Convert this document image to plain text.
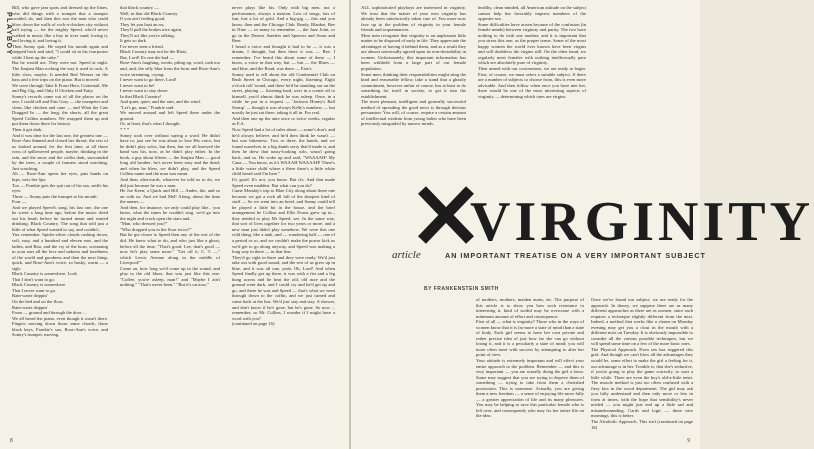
PLAYBOY

Bill, who gave jam spots and dressed up the blues, who did things with a trumpet that a trumper couldn't do, and then this was the man who could blow down the walls of rock-a-chicken city without half trying — for the mighty Speed, who'd never walked in music like a boy in river sand, loving it, and loving it, and loving it.

Then Sonny quit. He wiped his mouth again and stepped back and said, "I could sit in his fourposter while I beat up the cake."

But he would not. They were not. Speed at night. The Jimjam Man rocking the way it used to rock. A little slow, maybe. It needed Red Weezer on the bass and a few trips on the piano. But it moved.

We were through Take It From Here, Cottontail, Me and Big Gig, and Only If Chicken and Fatty.

Sonny's records came out of all the places on the one; I could tell and Fats Gray — the trumpeter and clean, like chicken and cane — and What the Cats Dragged In — the long, the shorts, all the great Speed Collins numbers. We wrapped them up and put them down there for history.

Then it got dark.

And it was time for the last one, the greatest one — Rose-Ann thinned and closed her throat; the rest of us looked around, for the first time, at all those rows of spillowered people, maybe, thinking in the rain, and the snow and the coffin dark, surrounded by the trees, a couple of farmers stood watching. Just watching.

Ah — Rose-Ann opens her eyes, puts hands on hips, wets her lips:

Too — Frankie gets the spit out of his sax, sniffs his eyes:

Three — Sonny puts the trumpet to his mouth:

Four —

And we played Speed's song, his last one, the one he wrote a long time ago, before the music dried out his head; before he turned mean and started drinking; Black Country. The song that told just a little of what Speed wanted to say, and couldn't.

You remember. Spider-silver clouds rushing down, soft, easy, and a hundred and eleven ears, and the ladies, and Rita, and the cry of the horn, screaming in your ears all the love and sadness and loneliness of the world and goodness and then the next thing: quick, and Rose-Ann's voice, so husky, warm — a sigh:

Black Country is somewhere, Lord,

That I don't want to go.

Black Country is somewhere

That I never want to go.

Rain-water drippin'

On the bed and on the floor,

Rain-water drippin'

From — ground and through the door ...

We all heard the piano, even though it wasn't there. Fingers moving down those same chords, those black keys, Frankie's sax, Rose-Ann's voice, and Sonny's trumpet, moving.

that black country —

Well, in that old Black Country

If you ain't feeling good,

They let you bust an ax;

They'll pull the brakes nice again,

They'll act like you're talking,

It gets so dark

I've never seen a friend.

Black Country may not be the Blast,

But, Lord! It's one die bad —

Rose-Ann's laughing, words, piling up, word, rush too and, and, the silly blue from the horn and Rose-Ann's voice streaming, crying:

I never want to go there, Lord!

I never want to be!

I never want to stay down

In that Black Country!

And quiet, quiet, and the rain, and the wind.

"Let's go, man," Frankie said.

We moved around and left Speed there under the ground.

Or, at least, that's what I thought.

* * *

Sonny took over without saying a word. He didn't have to; just see he was about to lose His voice, but he didn't play solos, but then, but we all knowed the band was his, now, as he didn't play either. In the book, a guy about fifteen — the Jimjam Man — good long old brother, he's never been easy and the dead; and when he blew, we didn't play, and the Speed Collins name and the man was mean.

And then, afterwards, whatever he told us to do, we did just because he was a man.

He Joe Keen; a Quick and Bill — Andes, the, and so on with us. And we had Mel! Along, about the time the names —

And then, for instance, we only could play like... you know, what the times he couldn't sing, we'd go into the night and crack open the stars and...

"Man, who dressed you?"

"Who dropped you in the floor twice?"

But he got closer to Speed then any of the rest of the did. He knew what to do, and who just like a ghost, before all the time, "That's good, Lee, that's good — now let's play some more." "Get off it, C. T. —" which Lewis Avenue along in the middle of Liverpool!"

Come on, how long we'd come up in the sound, and play to the old blues, that was just like this one: "Coffee, you're asleep, man!" and "Maybe I ain't nothing." "That's never been." "But it's on now."

never plays like his. Only with big men, not a performance, always a tension. Lots of songs, lots of fun, lost a lot of gold. And a big-gig — this and you know, then and the Chicago Club. Ready, Blanket, Bee in Nine — so many to remember — the Jazz Joint, or go in the Denver Sanders and Spencer and Swan and Beer.

I heard a voice and thought it had to be — it was a dream, I thought, but then there it was — Bee. I remember. I've heard this about some of these — I know, a voice in that way, but — but — the Blues — and blue, and the Road, was there — Fate's.

Sonny used to tell about the old Continental Club on Rush Street in Chicago, every night, listening. Eight o'clock roll 'round, and there he'd be standing out on the street, playing — listening hard, over in a corner all to himself, you'd almost think he was asleep. Once, in a while he put in a request — 'Jackson Honey's Ball Stomp' — though it was always Kelly's numbers — but mostly he just sat there, taking it all in. For real.

And then one up the ante once or twice weeks, regular as F.A.

Now Speed had a lot of rules about — some's don't, and he'd always believe, and he'd then think he wasn't — but was bitterness. Two or three, the bands, and we found ourselves in a big dumb sorry that'd made it, and then he drew that nasty-looking solo, wasn't going back, and so. He woke up and said, "WAAAAH! My Cana — You know, as it's WAAAH WAAAAH! There's a little water child where a there there's a little white child heard said I'm here."

It's good. It's not, you know. But it's. And that made Speed even maddest. But what can you do?

Came Monday's trip to Blue City along about three one because we got a rock all full of the sharpest kind of stuff — So we went into an hotel, and Sonny could tell he played a little bit in the house, and the brief arrangement he Collins and Ellis Evans grew up in... they needed to play Mr Speed, see. In the same way, that sort of lives together for two years or more, and a new man just didn't play somehow. We were this one wild thing, like a tank, and — wandering half — one of a period or so, and we couldn't make the power kick as we'd get to go along anyway, and Speed was making a long way in there — in that line.

They'd go right in there and they were ready. We'd just take out with good sound, and the rest of us grew up in blue, and it was all one, yeah. Oh, Lord! And when Speed finally got up there, it was with a fist and a leg hung across and he beat the old, old note and the ground went dark, and I could cry and he'd get up and go, and there he was and Speed — that's what we went through down to the coffin, and we just turned and came back at the bus. We'd just stay and stay. A shower, and don't know if he's gone, but he's gone. So now ... remember, so Mr. Collins, I wonder if I might have a word with you?

(continued on page 16)

8

ALL sophisticated playboys are interested in virginity. We trust that the matter of your own virginity has already been satisfactorily taken care of. You more now face up to the problem of virginity in your female friends and acquaintances.

Most men recognize that virginity is an unpleasant little matter to be disposed of early in life. They appreciate the advantages of having it behind them, and as a result they are almost universally agreed upon its non-desirability in women. Unfortunately, this important information has been withheld from a large part of our female population.

Some men, thinking their responsibilities might sting the kind and reasonable fellow, take a stand that a ghastly commitment, however unfair of course, has at least to do something for itself in society, to get it into the establishment.

The most pleasant, intelligent and generally successful method of spreading the good news is through devious persuasion. You will, of course, require a certain amount of intellectual wisdom from young ladies who have been previously misguided by narrow minds.

healthy, clean minded, all American attitude on the subject cannot help but favorably impress members of the opposite sex.

Some difficulties have arisen because of the confusion (in female minds) between virginity and purity. The two have nothing to do with one another, and it is important that you stress this one, as the proper terms. Some of the most happy women the world ever known have been virgins and will doubtless die virgins still. On the other hand, we regularly meet females with nothing intellectually pure which are absolutely pure of virginity.

Then armed with our conventions, we are ready to begin. First, of course, we must select a suitable subject. If there are a number of subjects to choose from, this is even more advisable. And then follow when once you have met her, there would be one of the most interesting aspects of virginity — determining which ones are virgins.

of mothers, mothers, maiden aunts, etc. The purpose of this article is to show you how such resistance to interesting it, kind of sordid may be overcome with a minimum amount of effort and consequence.

First of all — what is virginity? Those who in the ways of women know that it is far more a state of mind than a state of body. Each girl seems to have her own private and rather precise idea of just how far she can go without losing it, and it is a peculiarly a state of mind; you will more often meet with success by attempting to alter her point of view.

Your attitude is extremely important and will effect your entire approach to the problem. Remember — and this is very important — you are actually doing the girl a favor. Some may suggest that you are trying to deprive them of something — trying to take from them a cherished possession. This is nonsense. Actually, you are giving them a new freedom — a sense of enjoying life more fully — a greater appreciation of life and its many pleasures. You may be helping to save this particular female who is left over, and consequently who may fix her entire life on the idea.

Once we've found our subject, we are ready for the approach. In theory, we suppose there are as many different approaches as there are as women, since each requires a technique slightly different from the next. Indeed, a method that works like a charm on Monday evening may get you a clout in the mouth with a different miss on Tuesday. It is obviously impossible to consider all the various possible techniques, but we will spend some time on a few of the more basic ones.

The Physical Approach. Even sex has triggered this grid. And though we can't blow all the advantages they would be, some effort to make the girl a feeling for it, our advantage is in her. Trouble is, that she's seductive, if you're going to play the game correctly, to wait a little while. There are even the boy's old-a-little tenet. The muscle method is just too often confused with a fiery kiss in the wood department. The girl may ask you fully understand and then only more or less in form at times, with the hope that sensibility's never misled — you might just end up a little sad and misunderstanding. Cards and logic — these nice mornings, this is better.

The Alcoholic Approach. This isn't (continued on page 18)

9
VIRGINITY
article	AN IMPORTANT TREATISE ON A VERY IMPORTANT SUBJECT
BY FRANKENSTEIN SMITH
